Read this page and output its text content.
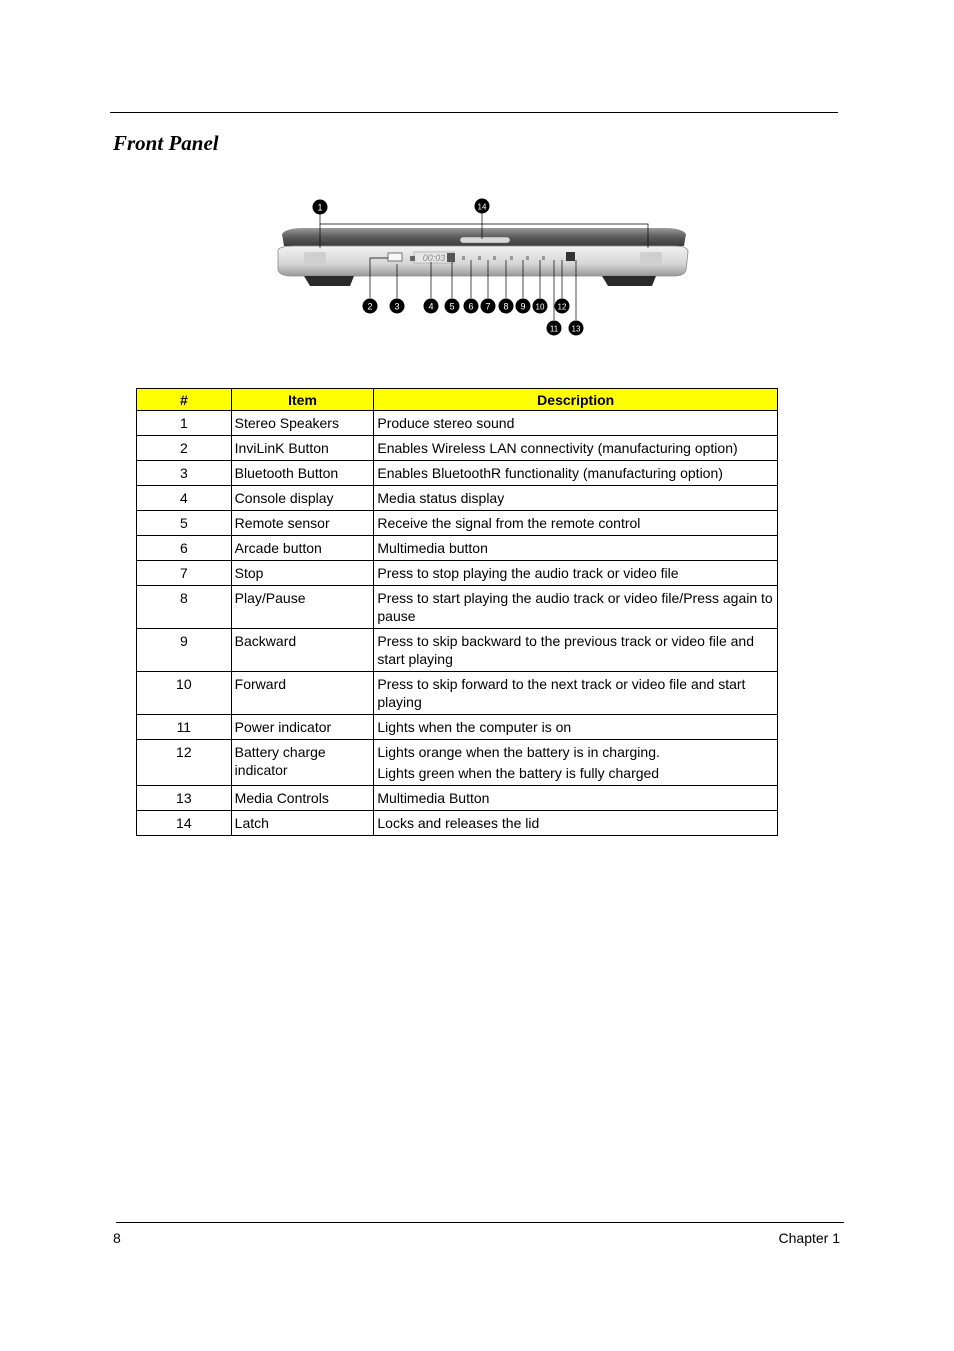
Front Panel
00:03
1	14
2 3	4 5 6 7 8 9 10 12
11 13
#	Item	Description
1	Stereo Speakers	Produce stereo sound

2	InviLinK Button	Enables Wireless LAN connectivity (manufacturing option)

3	Bluetooth Button	Enables BluetoothR functionality (manufacturing option)

4	Console display	Media status display

5	Remote sensor	Receive the signal from the remote control

6	Arcade button	Multimedia button

7	Stop	Press to stop playing the audio track or video file

8	Play/Pause	Press to start playing the audio track or video file/Press again to pause

9	Backward	Press to skip backward to the previous track or video file and start playing

10	Forward	Press to skip forward to the next track or video file and start playing

11	Power indicator	Lights when the computer is on

12	Battery charge indicator	Lights orange when the battery is in charging.
Lights green when the battery is fully charged

13	Media Controls	Multimedia Button

14	Latch	Locks and releases the lid
8	Chapter 1
